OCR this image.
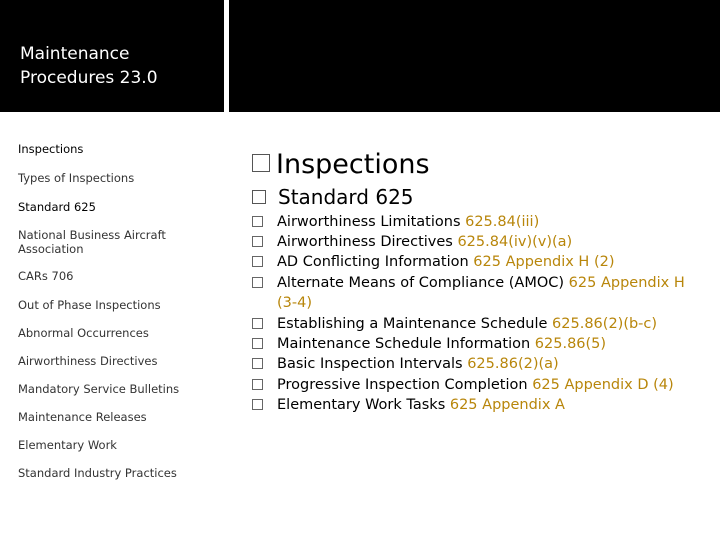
Maintenance
Procedures 23.0
Inspections
Types of Inspections
Standard 625
National Business Aircraft Association
CARs 706
Out of Phase Inspections
Abnormal Occurrences
Airworthiness Directives
Mandatory Service Bulletins
Maintenance Releases
Elementary Work
Standard Industry Practices
Inspections
Standard 625
Airworthiness Limitations 625.84(iii)
Airworthiness Directives 625.84(iv)(v)(a)
AD Conflicting Information 625 Appendix H (2)
Alternate Means of Compliance (AMOC) 625 Appendix H (3-4)
Establishing a Maintenance Schedule 625.86(2)(b-c)
Maintenance Schedule Information 625.86(5)
Basic Inspection Intervals 625.86(2)(a)
Progressive Inspection Completion 625 Appendix D (4)
Elementary Work Tasks 625 Appendix A
